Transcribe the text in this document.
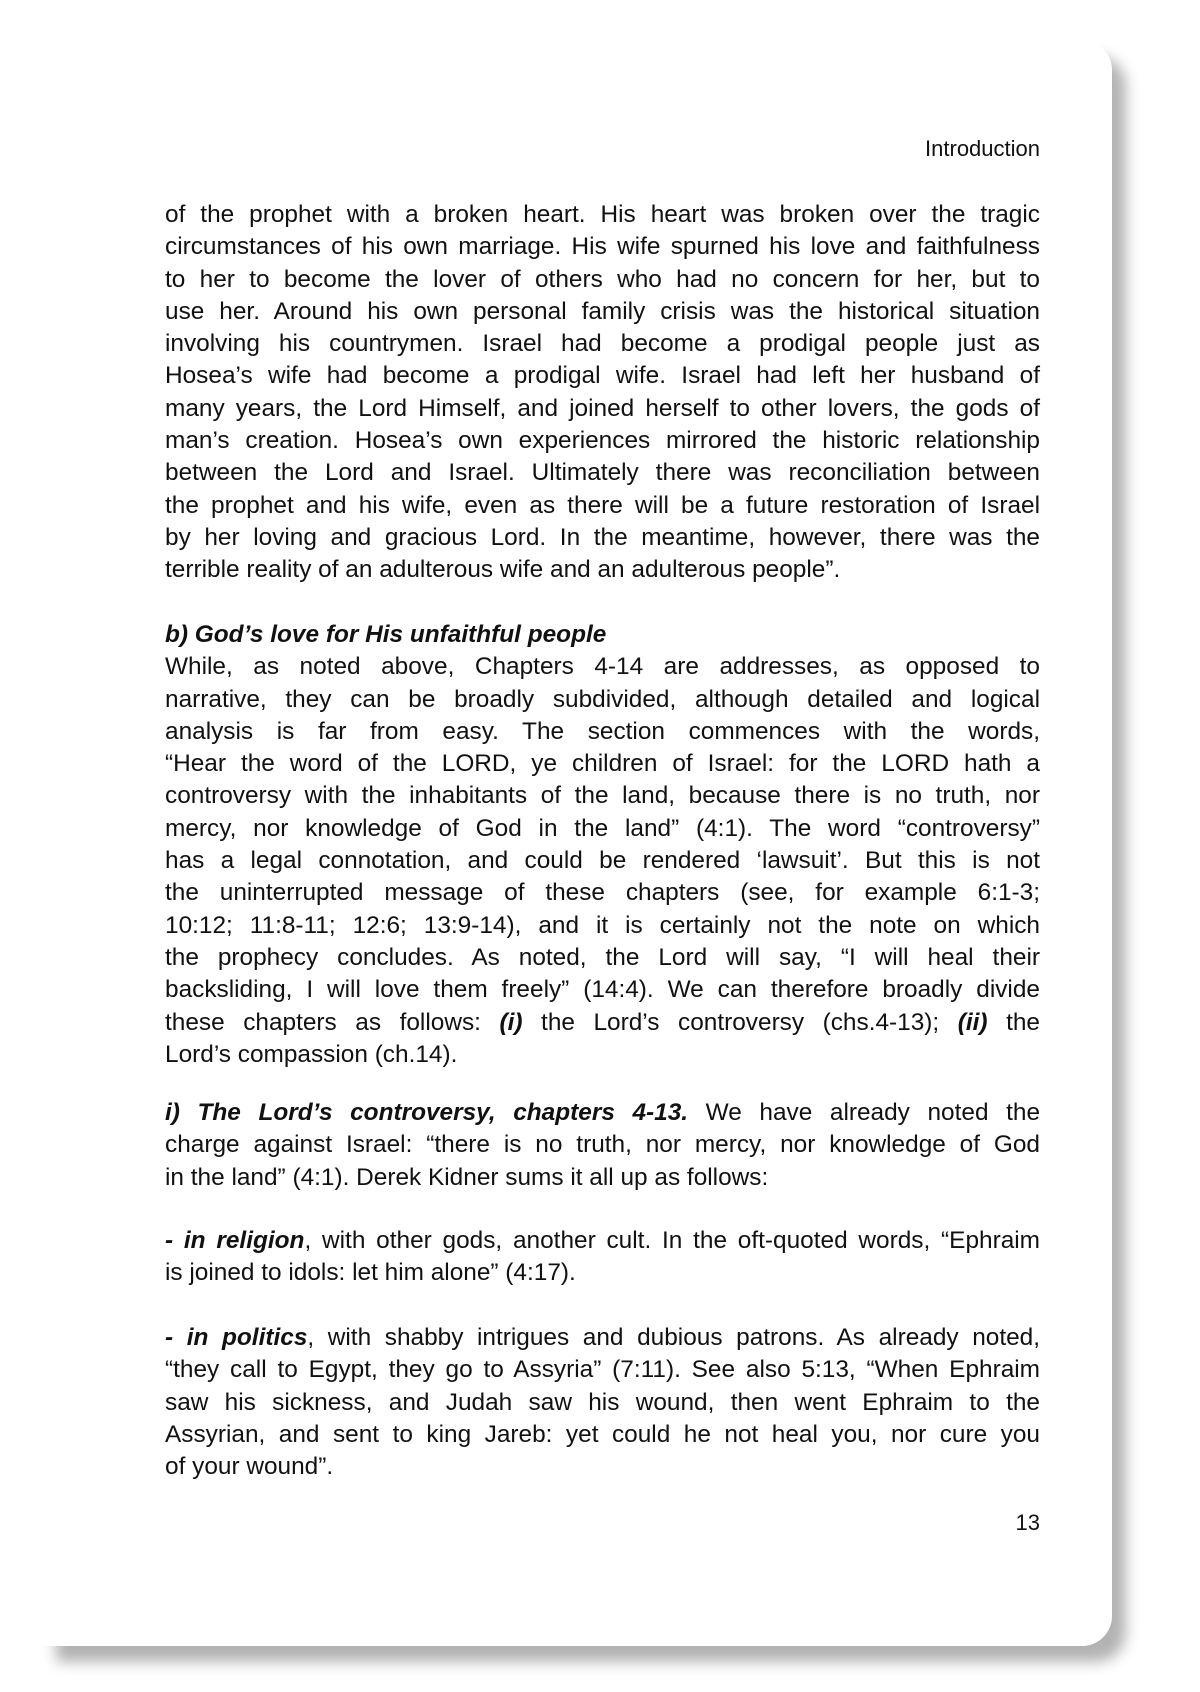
Introduction
of the prophet with a broken heart. His heart was broken over the tragic
circumstances of his own marriage. His wife spurned his love and faithfulness
to her to become the lover of others who had no concern for her, but to
use her. Around his own personal family crisis was the historical situation
involving his countrymen. Israel had become a prodigal people just as
Hosea’s wife had become a prodigal wife. Israel had left her husband of
many years, the Lord Himself, and joined herself to other lovers, the gods of
man’s creation. Hosea’s own experiences mirrored the historic relationship
between the Lord and Israel. Ultimately there was reconciliation between
the prophet and his wife, even as there will be a future restoration of Israel
by her loving and gracious Lord. In the meantime, however, there was the
terrible reality of an adulterous wife and an adulterous people”.
b) God’s love for His unfaithful people
While, as noted above, Chapters 4-14 are addresses, as opposed to
narrative, they can be broadly subdivided, although detailed and logical
analysis is far from easy. The section commences with the words,
“Hear the word of the LORD, ye children of Israel: for the LORD hath a
controversy with the inhabitants of the land, because there is no truth, nor
mercy, nor knowledge of God in the land” (4:1). The word “controversy”
has a legal connotation, and could be rendered ‘lawsuit’. But this is not
the uninterrupted message of these chapters (see, for example 6:1-3;
10:12; 11:8-11; 12:6; 13:9-14), and it is certainly not the note on which
the prophecy concludes. As noted, the Lord will say, “I will heal their
backsliding, I will love them freely” (14:4). We can therefore broadly divide
these chapters as follows: (i) the Lord’s controversy (chs.4-13); (ii) the
Lord’s compassion (ch.14).
i) The Lord’s controversy, chapters 4-13. We have already noted the
charge against Israel: “there is no truth, nor mercy, nor knowledge of God
in the land” (4:1). Derek Kidner sums it all up as follows:
- in religion, with other gods, another cult. In the oft-quoted words, “Ephraim
is joined to idols: let him alone” (4:17).
- in politics, with shabby intrigues and dubious patrons. As already noted,
“they call to Egypt, they go to Assyria” (7:11). See also 5:13, “When Ephraim
saw his sickness, and Judah saw his wound, then went Ephraim to the
Assyrian, and sent to king Jareb: yet could he not heal you, nor cure you
of your wound”.
13
